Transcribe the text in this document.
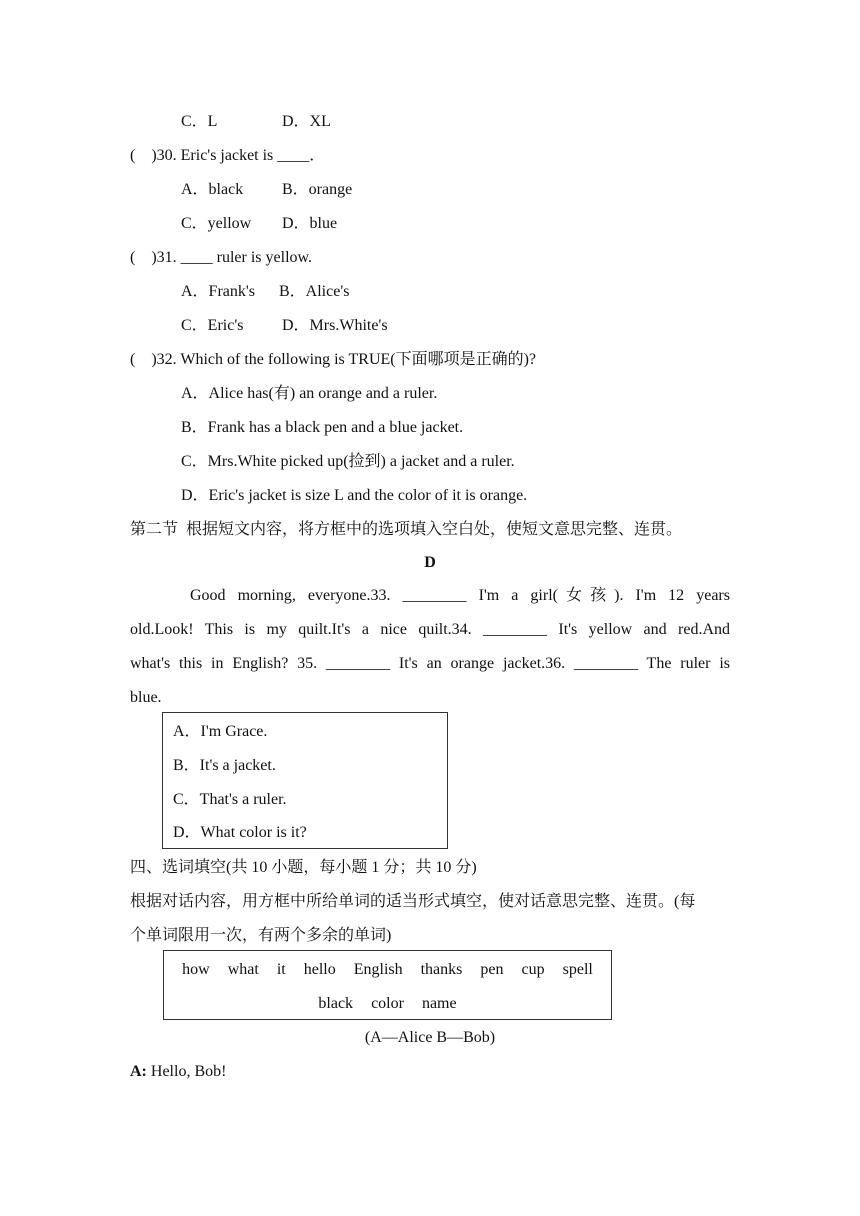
C．L	D．XL
(    )30. Eric's jacket is ____．
A．black B．orange
C．yellow D．blue
(    )31. ____ ruler is yellow.
A．Frank's B．Alice's
C．Eric's D．Mrs.White's
(    )32. Which of the following is TRUE(下面哪项是正确的)?
A．Alice has(有) an orange and a ruler.
B．Frank has a black pen and a blue jacket.
C．Mrs.White picked up(捡到) a jacket and a ruler.
D．Eric's jacket is size L and the color of it is orange.
第二节  根据短文内容，将方框中的选项填入空白处，使短文意思完整、连贯。
D
Good morning, everyone.33. ________ I'm a girl(女孩). I'm 12 years
old.Look! This is my quilt.It's a nice quilt.34. ________ It's yellow and red.And
what's this in English? 35. ________ It's an orange jacket.36. ________ The ruler is
blue.
A．I'm Grace.
B．It's a jacket.
C．That's a ruler.
D．What color is it?
四、选词填空(共 10 小题，每小题 1 分；共 10 分)
根据对话内容，用方框中所给单词的适当形式填空，使对话意思完整、连贯。(每
个单词限用一次，有两个多余的单词)
how what it hello English thanks pen cup spell
black color name
(A—Alice B—Bob)
A: Hello, Bob!
